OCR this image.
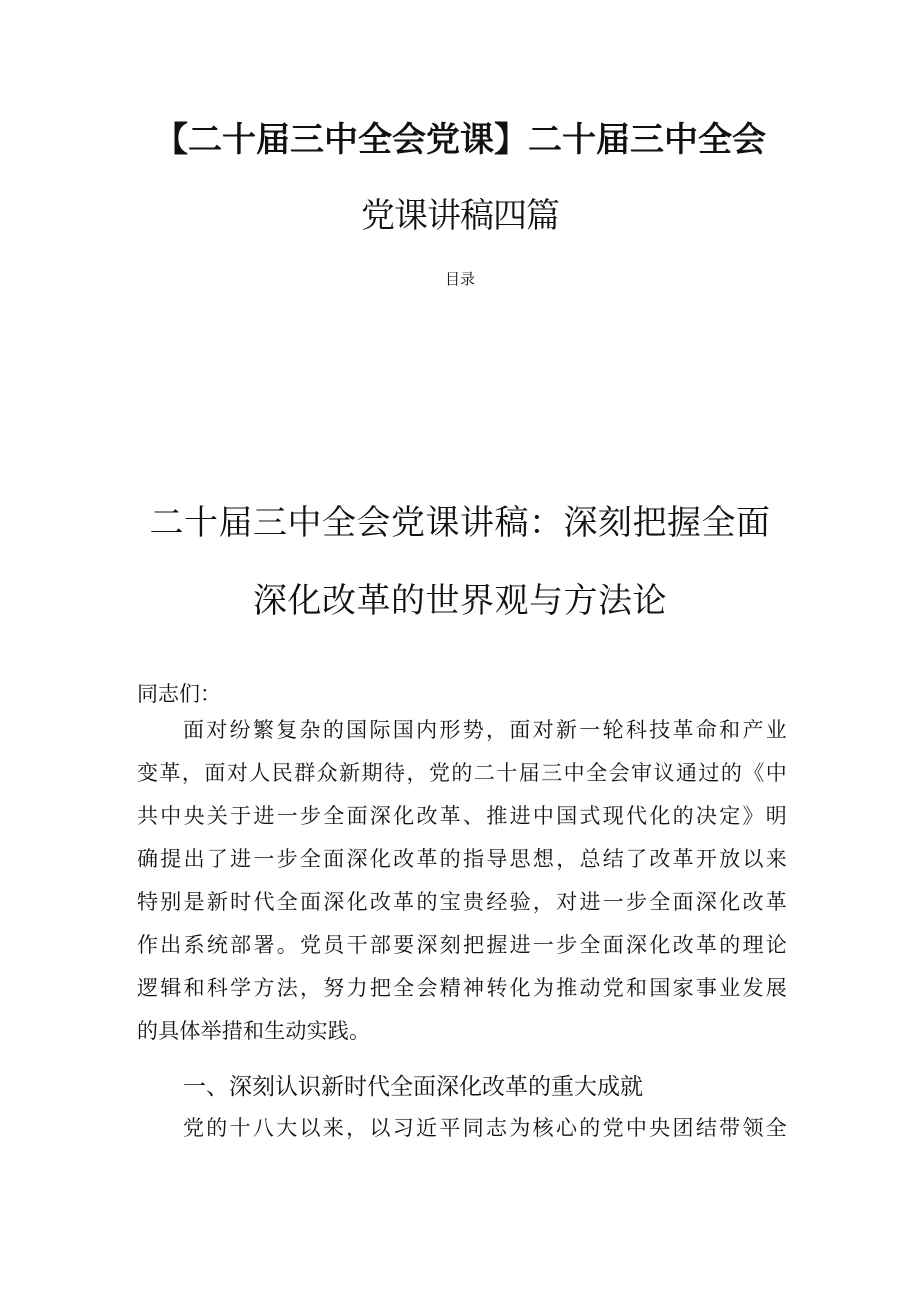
【二十届三中全会党课】二十届三中全会
党课讲稿四篇
目录
二十届三中全会党课讲稿：深刻把握全面
深化改革的世界观与方法论
同志们：
面对纷繁复杂的国际国内形势，面对新一轮科技革命和产业
变革，面对人民群众新期待，党的二十届三中全会审议通过的《中
共中央关于进一步全面深化改革、推进中国式现代化的决定》明
确提出了进一步全面深化改革的指导思想，总结了改革开放以来
特别是新时代全面深化改革的宝贵经验，对进一步全面深化改革
作出系统部署。党员干部要深刻把握进一步全面深化改革的理论
逻辑和科学方法，努力把全会精神转化为推动党和国家事业发展
的具体举措和生动实践。
一、深刻认识新时代全面深化改革的重大成就
党的十八大以来，以习近平同志为核心的党中央团结带领全
